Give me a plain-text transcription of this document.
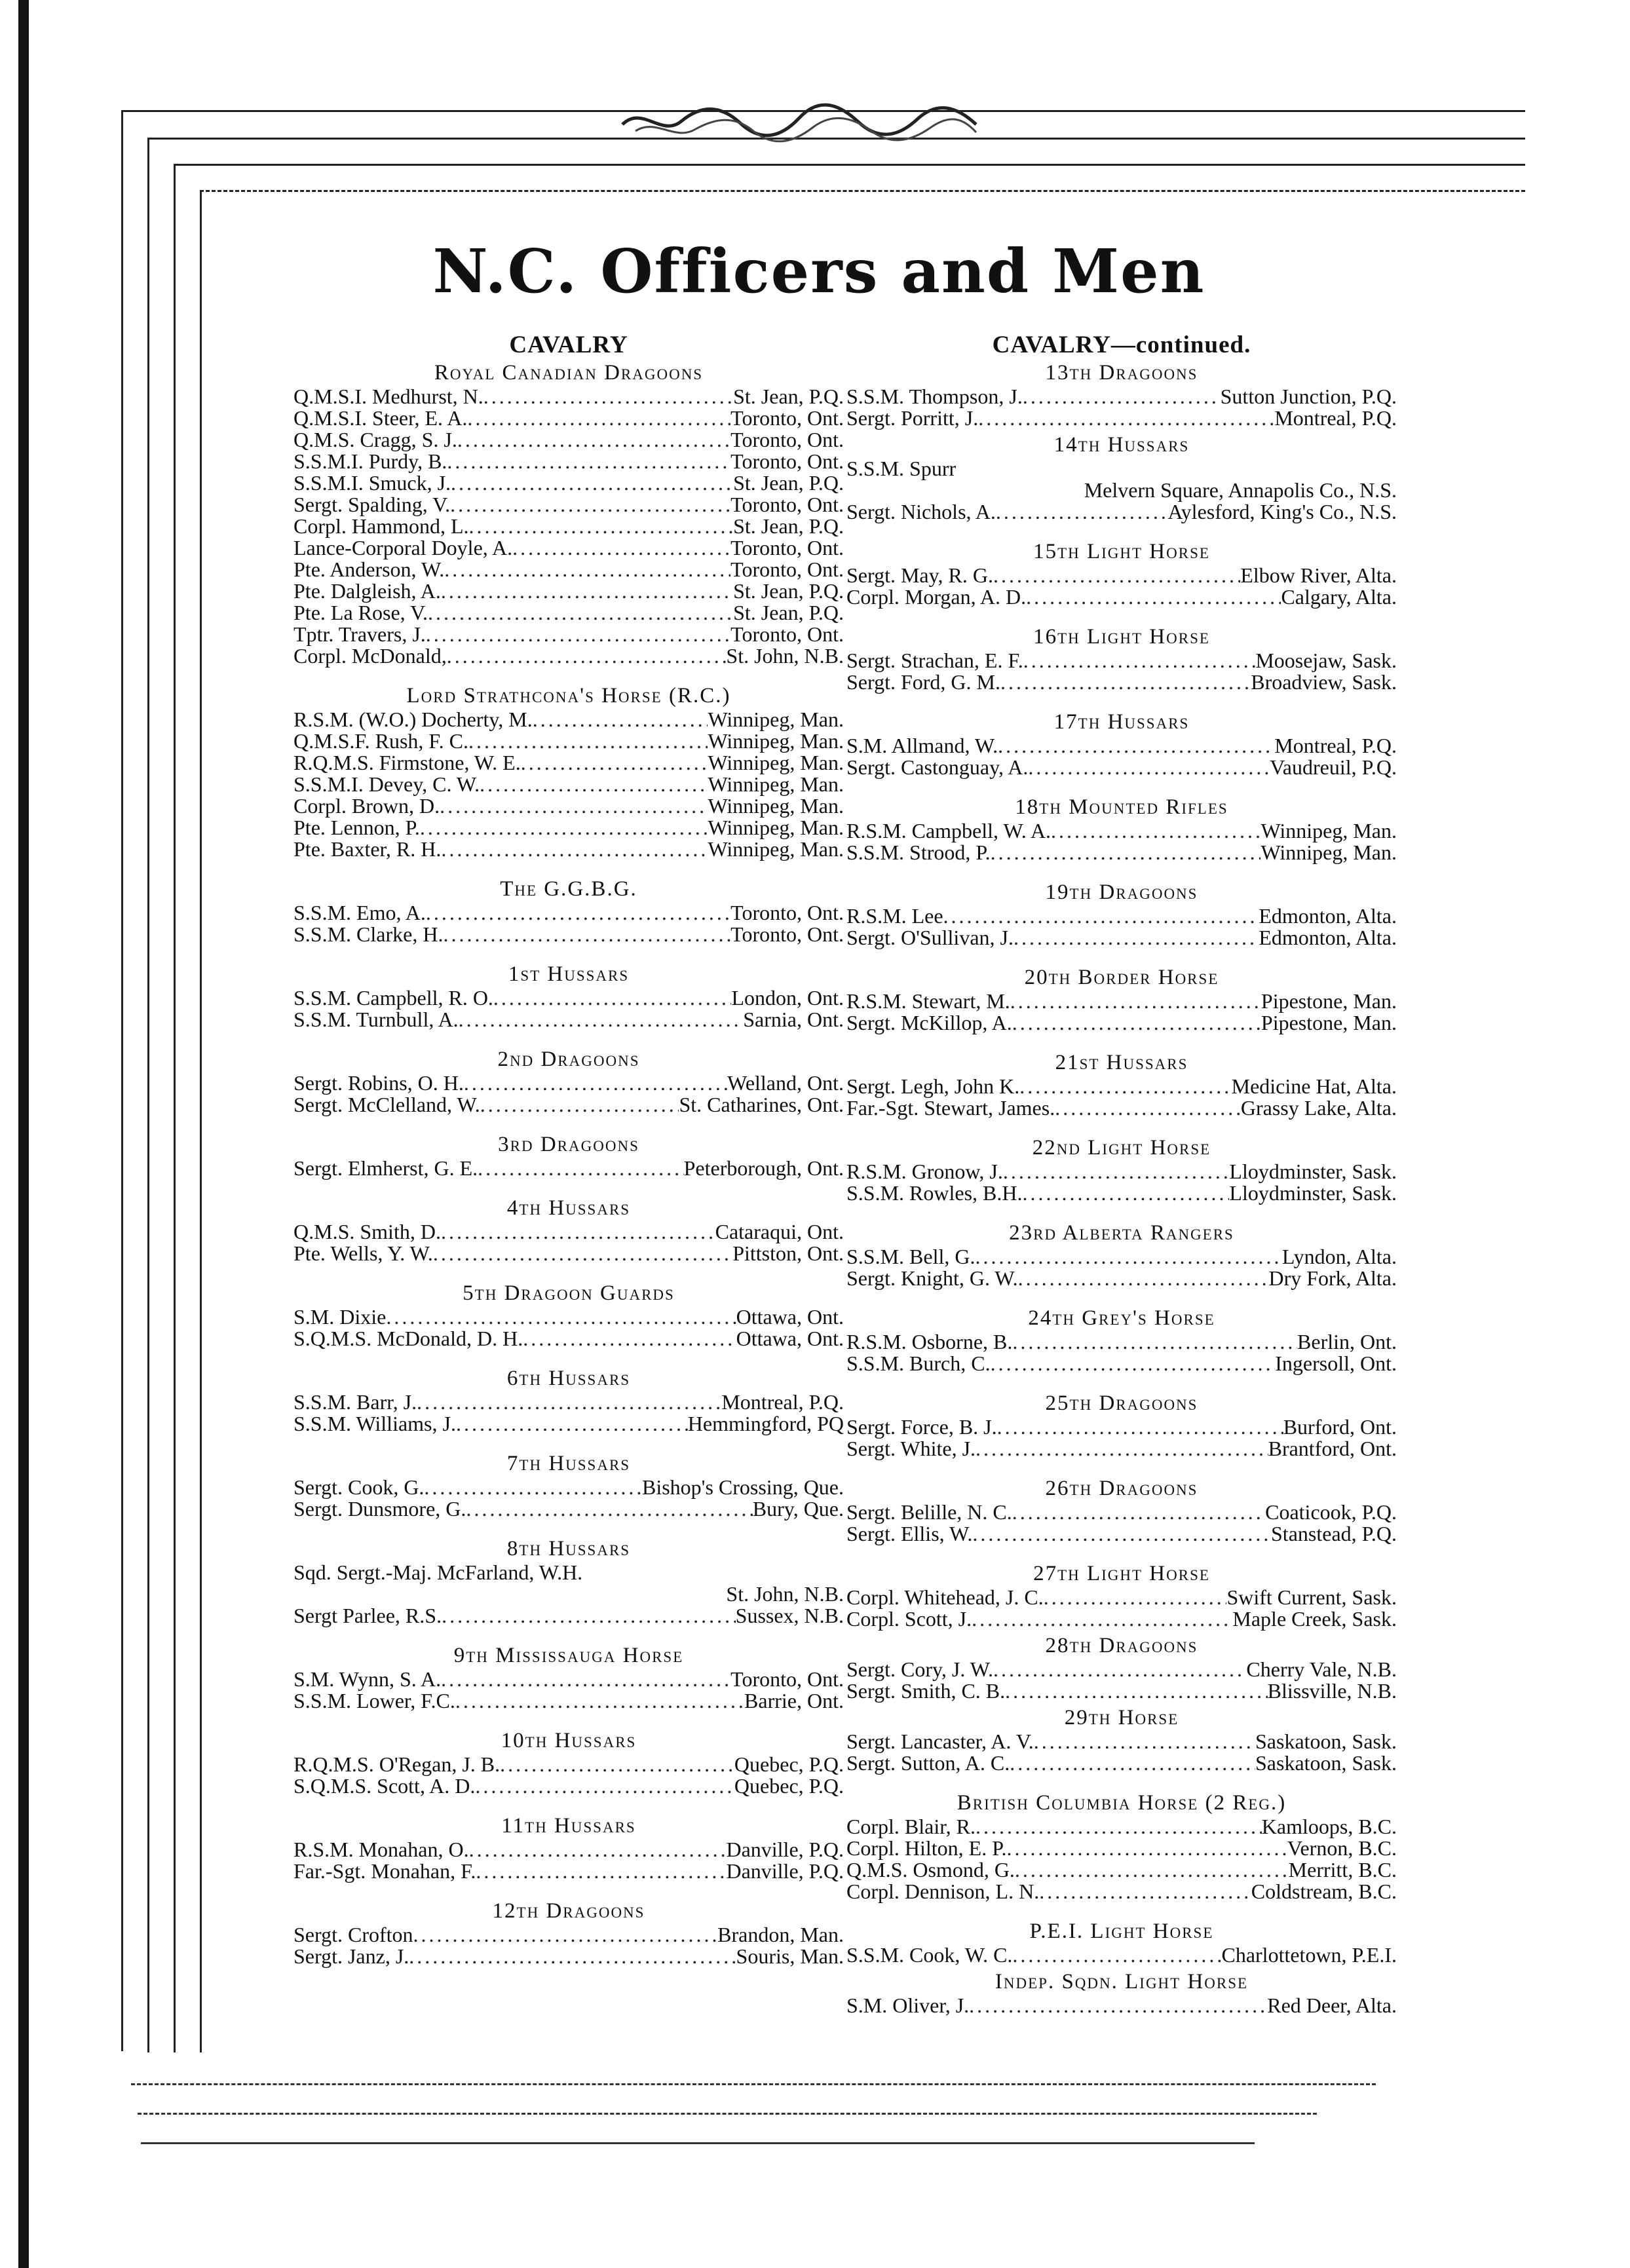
N.C. Officers and Men
CAVALRY
Royal Canadian Dragoons
Q.M.S.I. Medhurst, N. .....	St. Jean, P.Q.
Q.M.S.I. Steer, E. A. .....	Toronto, Ont.
Q.M.S. Cragg, S. J. .....	Toronto, Ont.
S.S.M.I. Purdy, B. .....	Toronto, Ont.
S.S.M.I. Smuck, J. .....	St. Jean, P.Q.
Sergt. Spalding, V. .....	Toronto, Ont.
Corpl. Hammond, L. .....	St. Jean, P.Q.
Lance-Corporal Doyle, A. .....	Toronto, Ont.
Pte. Anderson, W. .....	Toronto, Ont.
Pte. Dalgleish, A. .....	St. Jean, P.Q.
Pte. La Rose, V. .....	St. Jean, P.Q.
Tptr. Travers, J. .....	Toronto, Ont.
Corpl. McDonald, .....	St. John, N.B.
Lord Strathcona's Horse (R.C.)
R.S.M. (W.O.) Docherty, M. .....	Winnipeg, Man.
Q.M.S.F. Rush, F. C. .....	Winnipeg, Man.
R.Q.M.S. Firmstone, W. E. .....	Winnipeg, Man.
S.S.M.I. Devey, C. W. .....	Winnipeg, Man.
Corpl. Brown, D. .....	Winnipeg, Man.
Pte. Lennon, P. .....	Winnipeg, Man.
Pte. Baxter, R. H. .....	Winnipeg, Man.
The G.G.B.G.
S.S.M. Emo, A. .....	Toronto, Ont.
S.S.M. Clarke, H. .....	Toronto, Ont.
1st Hussars
S.S.M. Campbell, R. O. .....	London, Ont.
S.S.M. Turnbull, A. .....	Sarnia, Ont.
2nd Dragoons
Sergt. Robins, O. H. .....	Welland, Ont.
Sergt. McClelland, W. .....	St. Catharines, Ont.
3rd Dragoons
Sergt. Elmherst, G. E. .....	Peterborough, Ont.
4th Hussars
Q.M.S. Smith, D. .....	Cataraqui, Ont.
Pte. Wells, Y. W. .....	Pittston, Ont.
5th Dragoon Guards
S.M. Dixie .....	Ottawa, Ont.
S.Q.M.S. McDonald, D. H. .....	Ottawa, Ont.
6th Hussars
S.S.M. Barr, J. .....	Montreal, P.Q.
S.S.M. Williams, J. .....	Hemmingford, PQ
7th Hussars
Sergt. Cook, G. .....	Bishop's Crossing, Que.
Sergt. Dunsmore, G. .....	Bury, Que.
8th Hussars
Sqd. Sergt.-Maj. McFarland, W.H.
St. John, N.B.
Sergt Parlee, R.S. .....	Sussex, N.B.
9th Mississauga Horse
S.M. Wynn, S. A. .....	Toronto, Ont.
S.S.M. Lower, F.C. .....	Barrie, Ont.
10th Hussars
R.Q.M.S. O'Regan, J. B. .....	Quebec, P.Q.
S.Q.M.S. Scott, A. D. .....	Quebec, P.Q.
11th Hussars
R.S.M. Monahan, O. .....	Danville, P.Q.
Far.-Sgt. Monahan, F. .....	Danville, P.Q.
12th Dragoons
Sergt. Crofton .....	Brandon, Man.
Sergt. Janz, J. .....	Souris, Man.
CAVALRY—continued.
13th Dragoons
S.S.M. Thompson, J. .....	Sutton Junction, P.Q.
Sergt. Porritt, J. .....	Montreal, P.Q.
14th Hussars
S.S.M. Spurr
Melvern Square, Annapolis Co., N.S.
Sergt. Nichols, A. .....	Aylesford, King's Co., N.S.
15th Light Horse
Sergt. May, R. G. .....	Elbow River, Alta.
Corpl. Morgan, A. D. .....	Calgary, Alta.
16th Light Horse
Sergt. Strachan, E. F. .....	Moosejaw, Sask.
Sergt. Ford, G. M. .....	Broadview, Sask.
17th Hussars
S.M. Allmand, W. .....	Montreal, P.Q.
Sergt. Castonguay, A. .....	Vaudreuil, P.Q.
18th Mounted Rifles
R.S.M. Campbell, W. A. .....	Winnipeg, Man.
S.S.M. Strood, P. .....	Winnipeg, Man.
19th Dragoons
R.S.M. Lee .....	Edmonton, Alta.
Sergt. O'Sullivan, J. .....	Edmonton, Alta.
20th Border Horse
R.S.M. Stewart, M. .....	Pipestone, Man.
Sergt. McKillop, A. .....	Pipestone, Man.
21st Hussars
Sergt. Legh, John K. .....	Medicine Hat, Alta.
Far.-Sgt. Stewart, James. .....	Grassy Lake, Alta.
22nd Light Horse
R.S.M. Gronow, J. .....	Lloydminster, Sask.
S.S.M. Rowles, B.H. .....	Lloydminster, Sask.
23rd Alberta Rangers
S.S.M. Bell, G. .....	Lyndon, Alta.
Sergt. Knight, G. W. .....	Dry Fork, Alta.
24th Grey's Horse
R.S.M. Osborne, B. .....	Berlin, Ont.
S.S.M. Burch, C. .....	Ingersoll, Ont.
25th Dragoons
Sergt. Force, B. J. .....	Burford, Ont.
Sergt. White, J. .....	Brantford, Ont.
26th Dragoons
Sergt. Belille, N. C. .....	Coaticook, P.Q.
Sergt. Ellis, W. .....	Stanstead, P.Q.
27th Light Horse
Corpl. Whitehead, J. C. .....	Swift Current, Sask.
Corpl. Scott, J. .....	Maple Creek, Sask.
28th Dragoons
Sergt. Cory, J. W. .....	Cherry Vale, N.B.
Sergt. Smith, C. B. .....	Blissville, N.B.
29th Horse
Sergt. Lancaster, A. V. .....	Saskatoon, Sask.
Sergt. Sutton, A. C. .....	Saskatoon, Sask.
British Columbia Horse (2 Reg.)
Corpl. Blair, R. .....	Kamloops, B.C.
Corpl. Hilton, E. P. .....	Vernon, B.C.
Q.M.S. Osmond, G. .....	Merritt, B.C.
Corpl. Dennison, L. N. .....	Coldstream, B.C.
P.E.I. Light Horse
S.S.M. Cook, W. C. .....	Charlottetown, P.E.I.
Indep. Sqdn. Light Horse
S.M. Oliver, J. .....	Red Deer, Alta.
